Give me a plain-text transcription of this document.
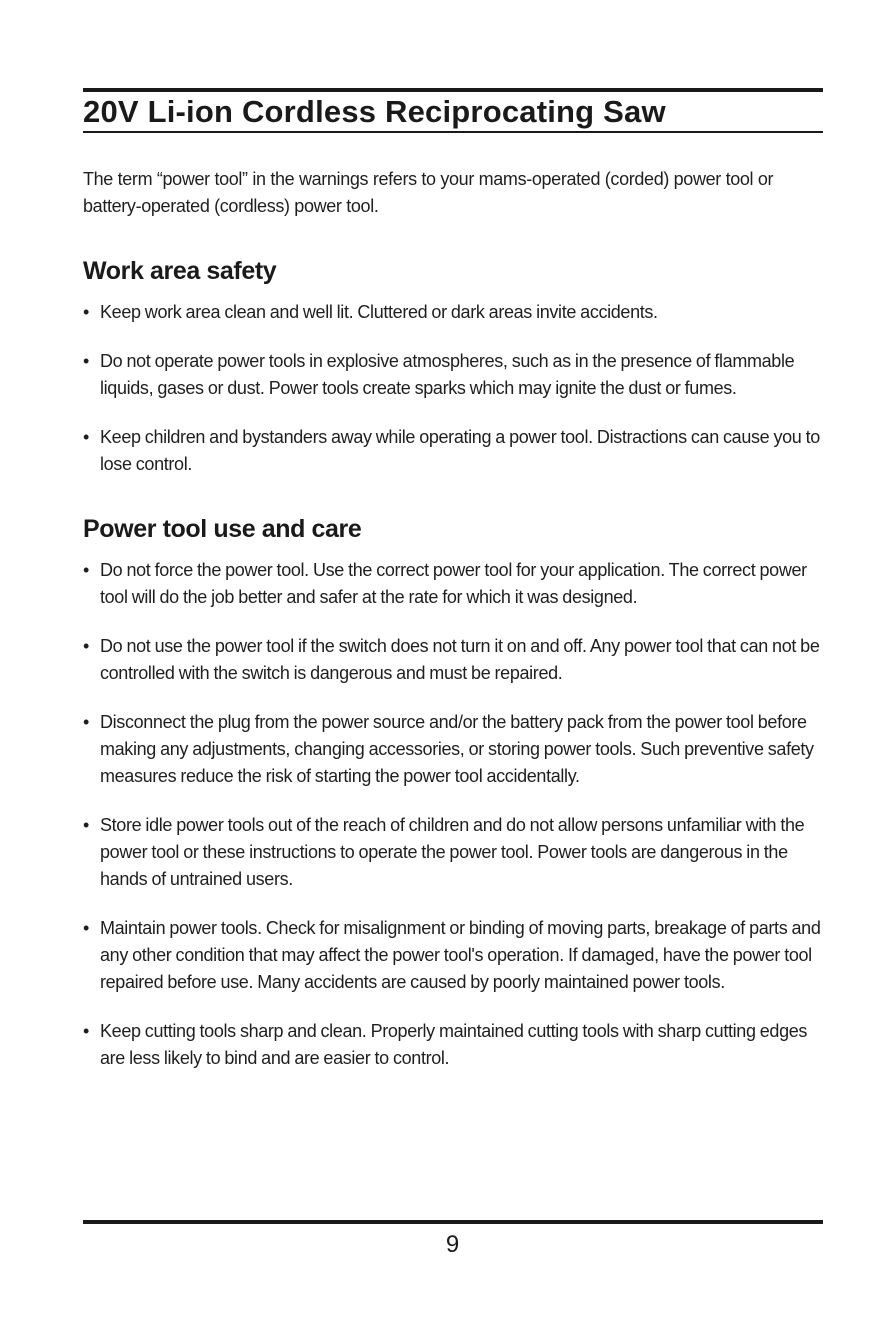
20V Li-ion Cordless Reciprocating Saw

The term “power tool” in the warnings refers to your mams-operated (corded) power tool or battery-operated (cordless) power tool.

Work area safety
• Keep work area clean and well lit. Cluttered or dark areas invite accidents.
• Do not operate power tools in explosive atmospheres, such as in the presence of flammable liquids, gases or dust. Power tools create sparks which may ignite the dust or fumes.
• Keep children and bystanders away while operating a power tool. Distractions can cause you to lose control.
Power tool use and care
• Do not force the power tool. Use the correct power tool for your application. The correct power tool will do the job better and safer at the rate for which it was designed.
• Do not use the power tool if the switch does not turn it on and off. Any power tool that can not be controlled with the switch is dangerous and must be repaired.
• Disconnect the plug from the power source and/or the battery pack from the power tool before making any adjustments, changing accessories, or storing power tools. Such preventive safety measures reduce the risk of starting the power tool accidentally.
• Store idle power tools out of the reach of children and do not allow persons unfamiliar with the power tool or these instructions to operate the power tool. Power tools are dangerous in the hands of untrained users.
• Maintain power tools. Check for misalignment or binding of moving parts, breakage of parts and any other condition that may affect the power tool's operation. If damaged, have the power tool repaired before use. Many accidents are caused by poorly maintained power tools.
• Keep cutting tools sharp and clean. Properly maintained cutting tools with sharp cutting edges are less likely to bind and are easier to control.
9
